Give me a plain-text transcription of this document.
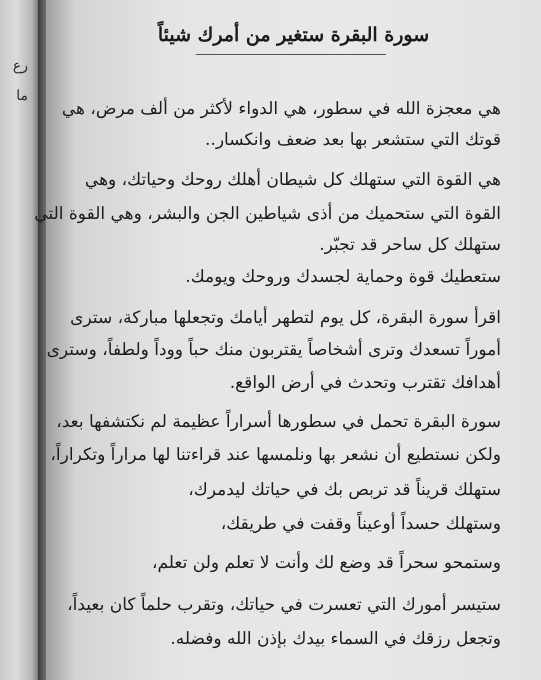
رع
ما
سورة البقرة ستغير من أمرك شيئاً
هي معجزة الله في سطور، هي الدواء لأكثر من ألف مرض، هي
قوتك التي ستشعر بها بعد ضعف وانكسار..
هي القوة التي ستهلك كل شيطان أهلك روحك وحياتك، وهي
القوة التي ستحميك من أذى شياطين الجن والبشر، وهي القوة التي
ستهلك كل ساحر قد تجبّر.
ستعطيك قوة وحماية لجسدك وروحك ويومك.
اقرأ سورة البقرة، كل يوم لتطهر أيامك وتجعلها مباركة، سترى
أموراً تسعدك وترى أشخاصاً يقتربون منك حباً ووداً ولطفاً، وسترى
أهدافك تقترب وتحدث في أرض الواقع.
سورة البقرة تحمل في سطورها أسراراً عظيمة لم نكتشفها بعد،
ولكن نستطيع أن نشعر بها ونلمسها عند قراءتنا لها مراراً وتكراراً،
ستهلك قريناً قد تربص بك في حياتك ليدمرك،
وستهلك حسداً أوعيناً وقفت في طريقك،
وستمحو سحراً قد وضع لك وأنت لا تعلم ولن تعلم،
ستيسر أمورك التي تعسرت في حياتك، وتقرب حلماً كان بعيداً،
وتجعل رزقك في السماء بيدك بإذن الله وفضله.
